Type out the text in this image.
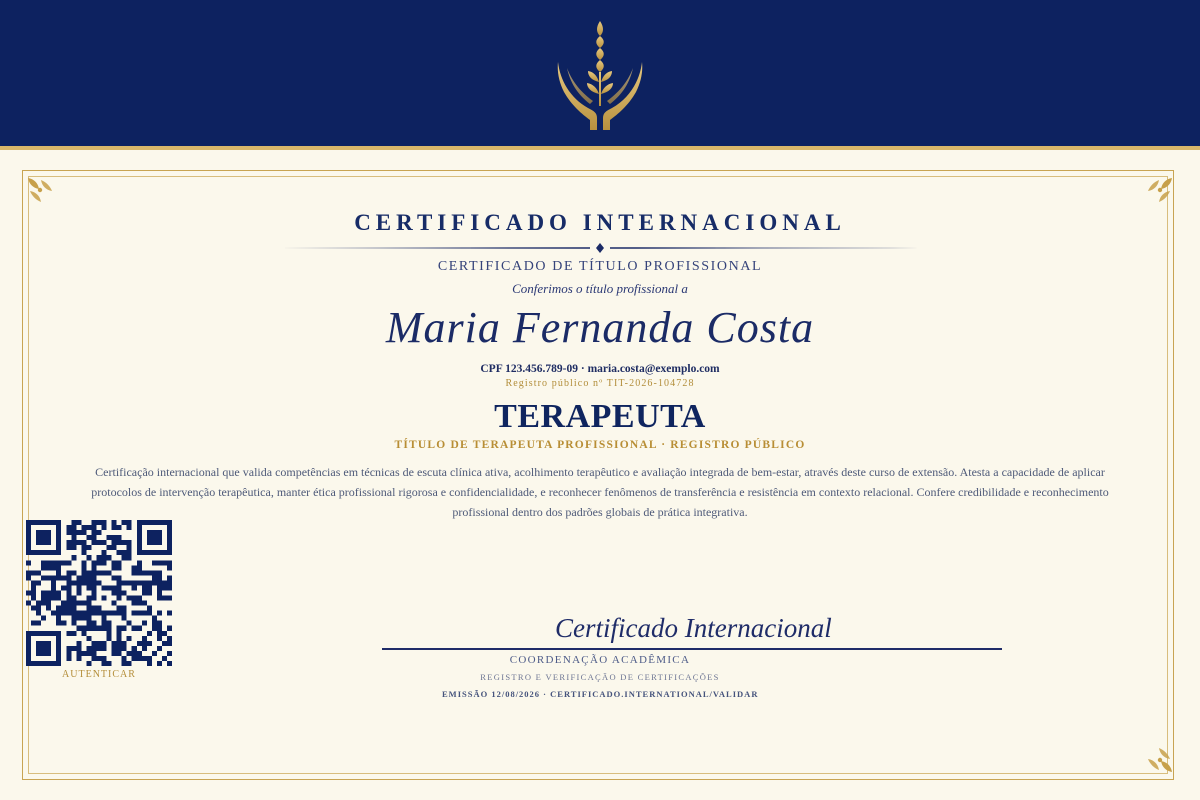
CERTIFICADO INTERNACIONAL
CERTIFICADO DE TÍTULO PROFISSIONAL
Conferimos o título profissional a
Maria Fernanda Costa
CPF 123.456.789-09 · maria.costa@exemplo.com
Registro público nº TIT-2026-104728
TERAPEUTA
TÍTULO DE TERAPEUTA PROFISSIONAL · REGISTRO PÚBLICO
Certificação internacional que valida competências em técnicas de escuta clínica ativa, acolhimento terapêutico e avaliação integrada de bem-estar, através deste curso de extensão. Atesta a capacidade de aplicar protocolos de intervenção terapêutica, manter ética profissional rigorosa e confidencialidade, e reconhecer fenômenos de transferência e resistência em contexto relacional. Confere credibilidade e reconhecimento profissional dentro dos padrões globais de prática integrativa.
AUTENTICAR
Certificado Internacional
COORDENAÇÃO ACADÊMICA
REGISTRO E VERIFICAÇÃO DE CERTIFICAÇÕES
EMISSÃO 12/08/2026 · CERTIFICADO.INTERNATIONAL/VALIDAR
